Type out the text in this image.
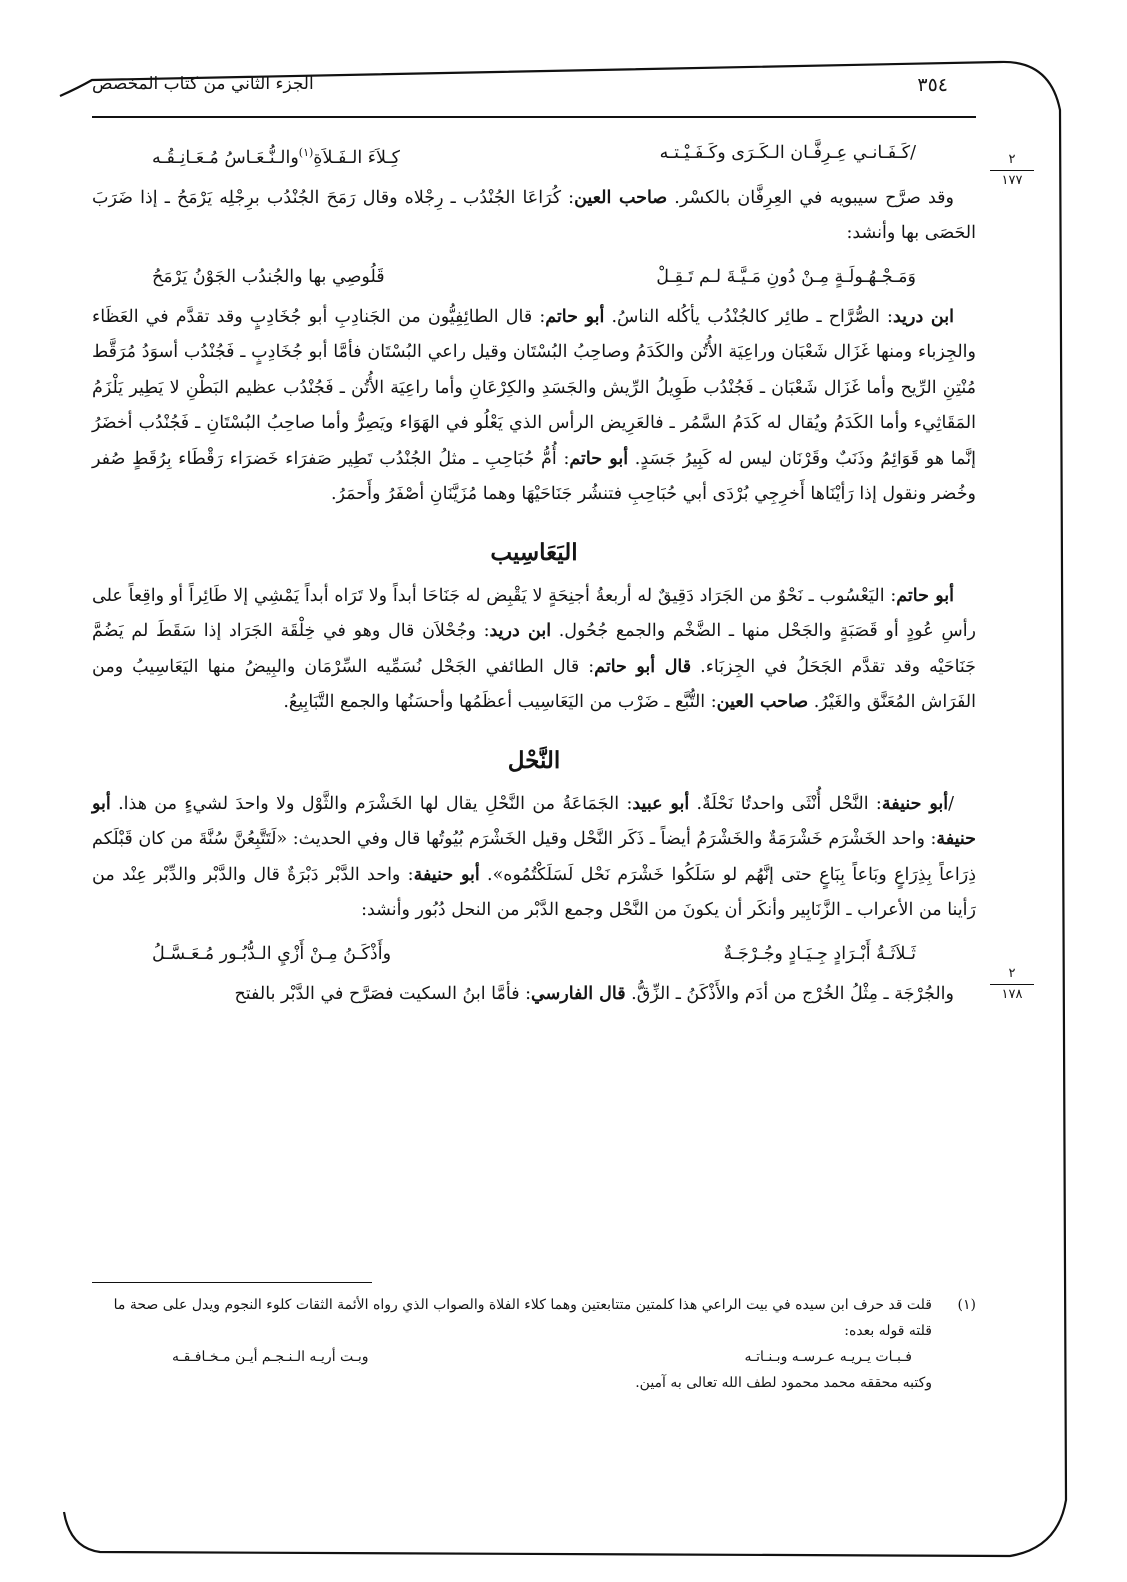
الجزء الثاني من كتاب المخصص	٣٥٤
/كَـفَـانـي عِـرِفَّـان الـكَـرَى وكَـفَـيْـتـه
كِـلاَءَ الـفَـلاَةِ(١)والـنُّـعَـاسُ مُـعَـانِـقُـه

وقد صرَّح سيبويه في العِرِفَّان بالكسْر. صاحب العين: كُرَاعَا الجُنْدُب ـ رِجْلاه وقال رَمَحَ الجُنْدُب برِجْلِه يَرْمَحُ ـ إذا ضَرَبَ الحَصَى بها وأنشد:

وَمَـجْـهُـولَـةٍ مِـنْ دُونِ مَـيَّـةَ لـم تَـقِـلْ
قَلُوصِي بها والجُندُب الجَوْنُ يَرْمَحُ

ابن دريد: الصُّرَّاح ـ طائِر كالجُنْدُب يأكُله الناسُ. أبو حاتم: قال الطائِفِيُّون من الجَنادِبِ أبو جُخَادِبٍ وقد تقدَّم في العَظَاء والجِزباء ومنها غَزَال شَعْبَان وراعِيَة الأُتُن والكَدَمُ وصاحِبُ البُسْتَان وقيل راعي البُسْتَان فأمَّا أبو جُخَادِبٍ ـ فَجُنْدُب أسوَدُ مُرَقَّط مُنْتِنِ الرِّيح وأما غَزَال شَعْبَان ـ فَجُنْدُب طَوِيلُ الرِّيش والجَسَدِ والكِرْعَانِ وأما راعِيَة الأُتُن ـ فَجُنْدُب عظيم البَطْنِ لا يَطِير يَلْزَمُ المَقَاثِيء وأما الكَدَمُ ويُقال له كَدَمُ السَّمُر ـ فالعَرِيض الرأس الذي يَعْلُو في الهَوَاء ويَصِرُّ وأما صاحِبُ البُسْتَانِ ـ فَجُنْدُب أخضَرُ إنَّما هو قَوَائِمُ وذَنَبٌ وقَرْنَان ليس له كَبِيرُ جَسَدٍ. أبو حاتم: أُمُّ حُبَاحِبِ ـ مثلُ الجُنْدُب تَطِير صَفرَاء خَضرَاء رَقْطَاء بِرُقَطٍ صُفر وخُضر ونقول إذا رَأيْنَاها أَخرِجِي بُرْدَى أبي حُبَاحِبِ فتنشُر جَنَاحَيْهَا وهما مُزَيَّنَانِ أصْفَرُ وأَحمَرُ.

اليَعَاسِيب

أبو حاتم: اليَعْسُوب ـ نَحْوٌ من الجَرَاد دَقِيقٌ له أربعةُ أجنِحَةٍ لا يَقْبِض له جَنَاحَا أبداً ولا تَرَاه أبداً يَمْشِي إلا طَائِراً أو واقِعاً على رأسِ عُودٍ أو قَصَبَةٍ والجَحْل منها ـ الضَّخْم والجمع جُحُول. ابن دريد: وجُحْلاَن قال وهو في خِلْقَة الجَرَاد إذا سَقَطَ لم يَضُمَّ جَنَاحَيْه وقد تقدَّم الجَحَلُ في الجِزبَاء. قال أبو حاتم: قال الطائفي الجَحْل نُسَمِّيه السِّرْمَان والبِيضُ منها اليَعَاسِيبُ ومن الفَرَاش المُعَنَّق والغَيْرُ. صاحب العين: التُّبَّع ـ ضَرْب من اليَعَاسِيب أعظَمُها وأحسَنُها والجمع التَّبَابِيعُ.

النَّحْل

/أبو حنيفة: النَّحْل أُنْثَى واحدتُا نَحْلَةٌ. أبو عبيد: الجَمَاعَةُ من النَّحْلِ يقال لها الخَشْرَم والثَّوْل ولا واحدَ لشيءٍ من هذا. أبو حنيفة: واحد الخَشْرَم خَشْرَمَةٌ والخَشْرَمُ أيضاً ـ ذَكَر النَّحْل وقيل الخَشْرَم بُيُوتُها قال وفي الحديث: «لَتَتَّبِعُنَّ سُنَّةَ من كان قَبْلَكم ذِرَاعاً بِذِرَاعٍ وبَاعاً بِبَاعٍ حتى إنَّهُم لو سَلَكُوا خَشْرَم نَحْل لَسَلَكْتُمُوه». أبو حنيفة: واحد الدَّبْر دَبْرَةٌ قال والدَّبْر والدِّبْر عِنْد من رَأينا من الأعراب ـ الزَّنَابِير وأنكَر أن يكونَ من النَّحْل وجمع الدَّبْر من النحل دُبُور وأنشد:

ثَـلاَثَـةُ أَبْـرَادٍ جِـيَـادٍ وجُـرْجَـةٌ
وأَذْكَـنُ مِـنْ أَزْيِ الـدُّبُـور مُـعَـسَّـلُ

والجُرْجَة ـ مِثْلُ الخُرْج من أدَم والأَذْكَنُ ـ الزِّقُّ. قال الفارسي: فأمَّا ابنُ السكيت فصَرَّح في الدَّبْر بالفتح

(١)
قلت قد حرف ابن سيده في بيت الراعي هذا كلمتين متتابعتين وهما كلاء الفلاة والصواب الذي رواه الأئمة الثقات كلوء النجوم ويدل على صحة ما قلته قوله بعده:
فـبـات يـريـه عـرسـه وبـنـاتـه
وبـت أريـه الـنـجـم أيـن مـخـافـقـه
وكتبه محققه محمد محمود لطف الله تعالى به آمين.
٢
١٧٧
٢
١٧٨
